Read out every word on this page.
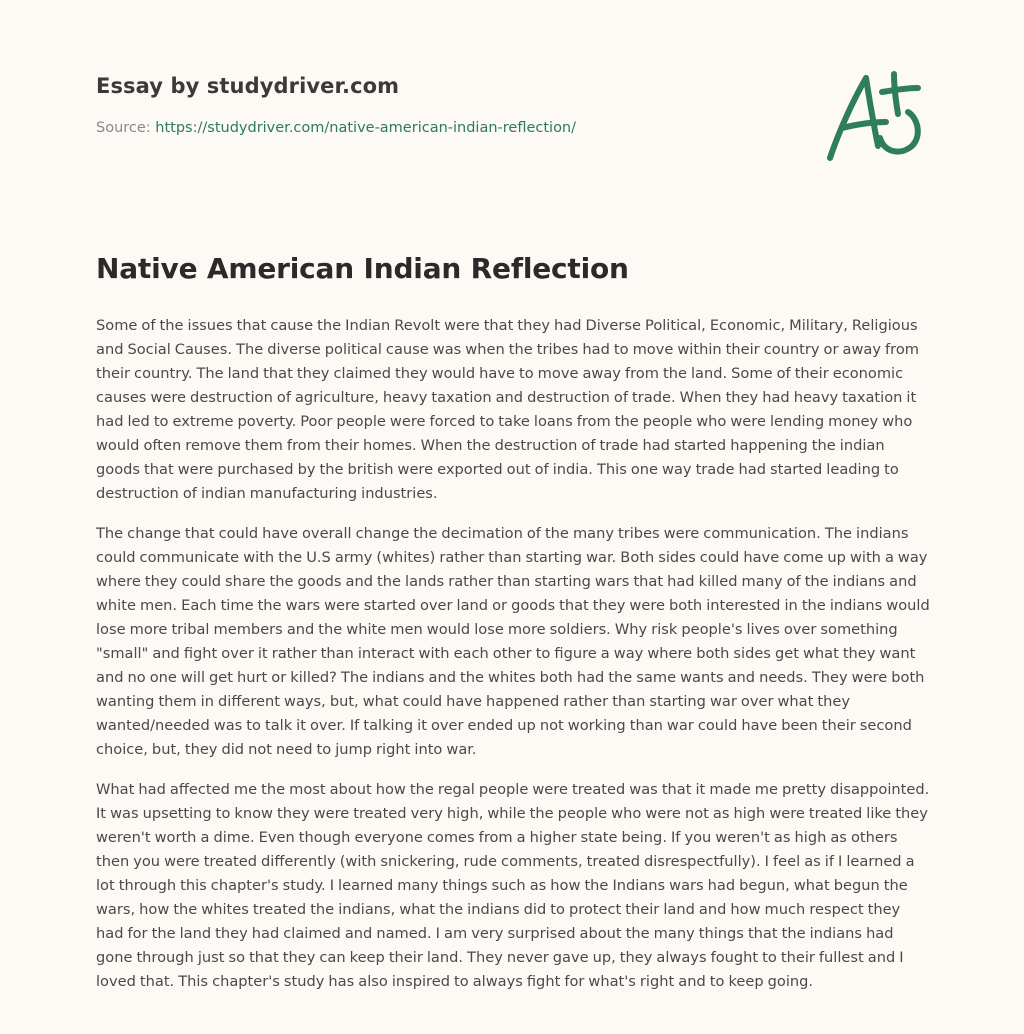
Essay by studydriver.com
Source: https://studydriver.com/native-american-indian-reflection/
Native American Indian Reflection

Some of the issues that cause the Indian Revolt were that they had Diverse Political, Economic, Military, Religious and Social Causes. The diverse political cause was when the tribes had to move within their country or away from their country. The land that they claimed they would have to move away from the land. Some of their economic causes were destruction of agriculture, heavy taxation and destruction of trade. When they had heavy taxation it had led to extreme poverty. Poor people were forced to take loans from the people who were lending money who would often remove them from their homes. When the destruction of trade had started happening the indian goods that were purchased by the british were exported out of india. This one way trade had started leading to destruction of indian manufacturing industries.

The change that could have overall change the decimation of the many tribes were communication. The indians could communicate with the U.S army (whites) rather than starting war. Both sides could have come up with a way where they could share the goods and the lands rather than starting wars that had killed many of the indians and white men. Each time the wars were started over land or goods that they were both interested in the indians would lose more tribal members and the white men would lose more soldiers. Why risk people's lives over something "small" and fight over it rather than interact with each other to figure a way where both sides get what they want and no one will get hurt or killed? The indians and the whites both had the same wants and needs. They were both wanting them in different ways, but, what could have happened rather than starting war over what they wanted/needed was to talk it over. If talking it over ended up not working than war could have been their second choice, but, they did not need to jump right into war.

What had affected me the most about how the regal people were treated was that it made me pretty disappointed. It was upsetting to know they were treated very high, while the people who were not as high were treated like they weren't worth a dime. Even though everyone comes from a higher state being. If you weren't as high as others then you were treated differently (with snickering, rude comments, treated disrespectfully). I feel as if I learned a lot through this chapter's study. I learned many things such as how the Indians wars had begun, what begun the wars, how the whites treated the indians, what the indians did to protect their land and how much respect they had for the land they had claimed and named. I am very surprised about the many things that the indians had gone through just so that they can keep their land. They never gave up, they always fought to their fullest and I loved that. This chapter's study has also inspired to always fight for what's right and to keep going.
